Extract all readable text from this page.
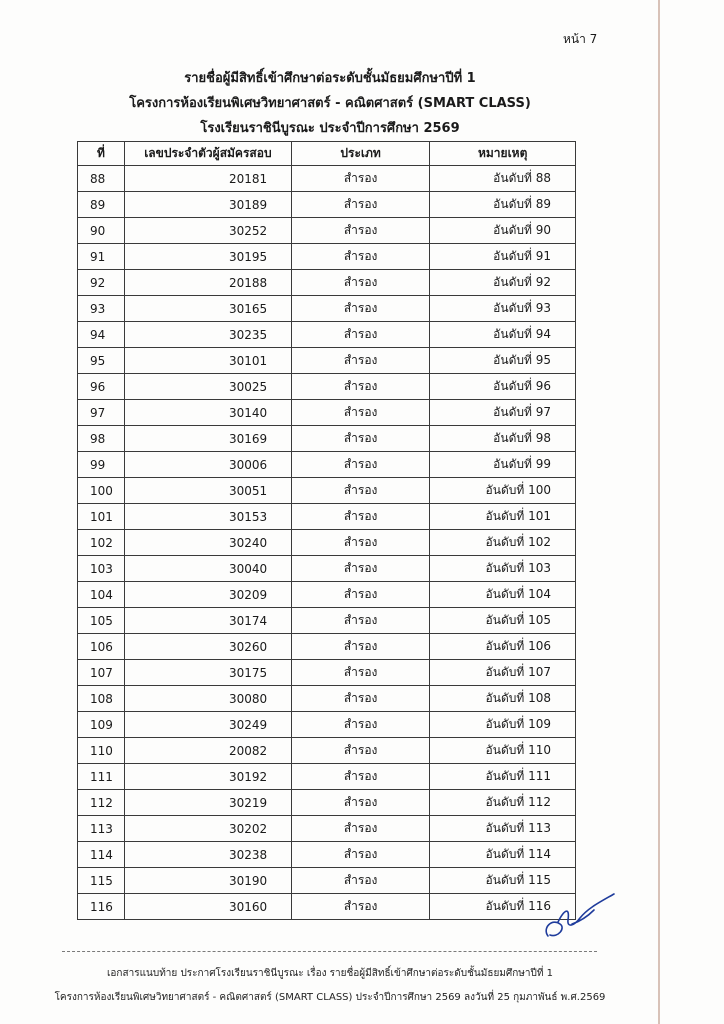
หน้า 7
รายชื่อผู้มีสิทธิ์เข้าศึกษาต่อระดับชั้นมัธยมศึกษาปีที่ 1
โครงการห้องเรียนพิเศษวิทยาศาสตร์ - คณิตศาสตร์ (SMART CLASS)
โรงเรียนราชินีบูรณะ ประจำปีการศึกษา 2569
ที่	เลขประจำตัวผู้สมัครสอบ	ประเภท	หมายเหตุ
88	20181	สำรอง	อันดับที่ 88
89	30189	สำรอง	อันดับที่ 89
90	30252	สำรอง	อันดับที่ 90
91	30195	สำรอง	อันดับที่ 91
92	20188	สำรอง	อันดับที่ 92
93	30165	สำรอง	อันดับที่ 93
94	30235	สำรอง	อันดับที่ 94
95	30101	สำรอง	อันดับที่ 95
96	30025	สำรอง	อันดับที่ 96
97	30140	สำรอง	อันดับที่ 97
98	30169	สำรอง	อันดับที่ 98
99	30006	สำรอง	อันดับที่ 99
100	30051	สำรอง	อันดับที่ 100
101	30153	สำรอง	อันดับที่ 101
102	30240	สำรอง	อันดับที่ 102
103	30040	สำรอง	อันดับที่ 103
104	30209	สำรอง	อันดับที่ 104
105	30174	สำรอง	อันดับที่ 105
106	30260	สำรอง	อันดับที่ 106
107	30175	สำรอง	อันดับที่ 107
108	30080	สำรอง	อันดับที่ 108
109	30249	สำรอง	อันดับที่ 109
110	20082	สำรอง	อันดับที่ 110
111	30192	สำรอง	อันดับที่ 111
112	30219	สำรอง	อันดับที่ 112
113	30202	สำรอง	อันดับที่ 113
114	30238	สำรอง	อันดับที่ 114
115	30190	สำรอง	อันดับที่ 115
116	30160	สำรอง	อันดับที่ 116
เอกสารแนบท้าย ประกาศโรงเรียนราชินีบูรณะ เรื่อง รายชื่อผู้มีสิทธิ์เข้าศึกษาต่อระดับชั้นมัธยมศึกษาปีที่ 1
โครงการห้องเรียนพิเศษวิทยาศาสตร์ - คณิตศาสตร์ (SMART CLASS) ประจำปีการศึกษา 2569 ลงวันที่ 25 กุมภาพันธ์ พ.ศ.2569
